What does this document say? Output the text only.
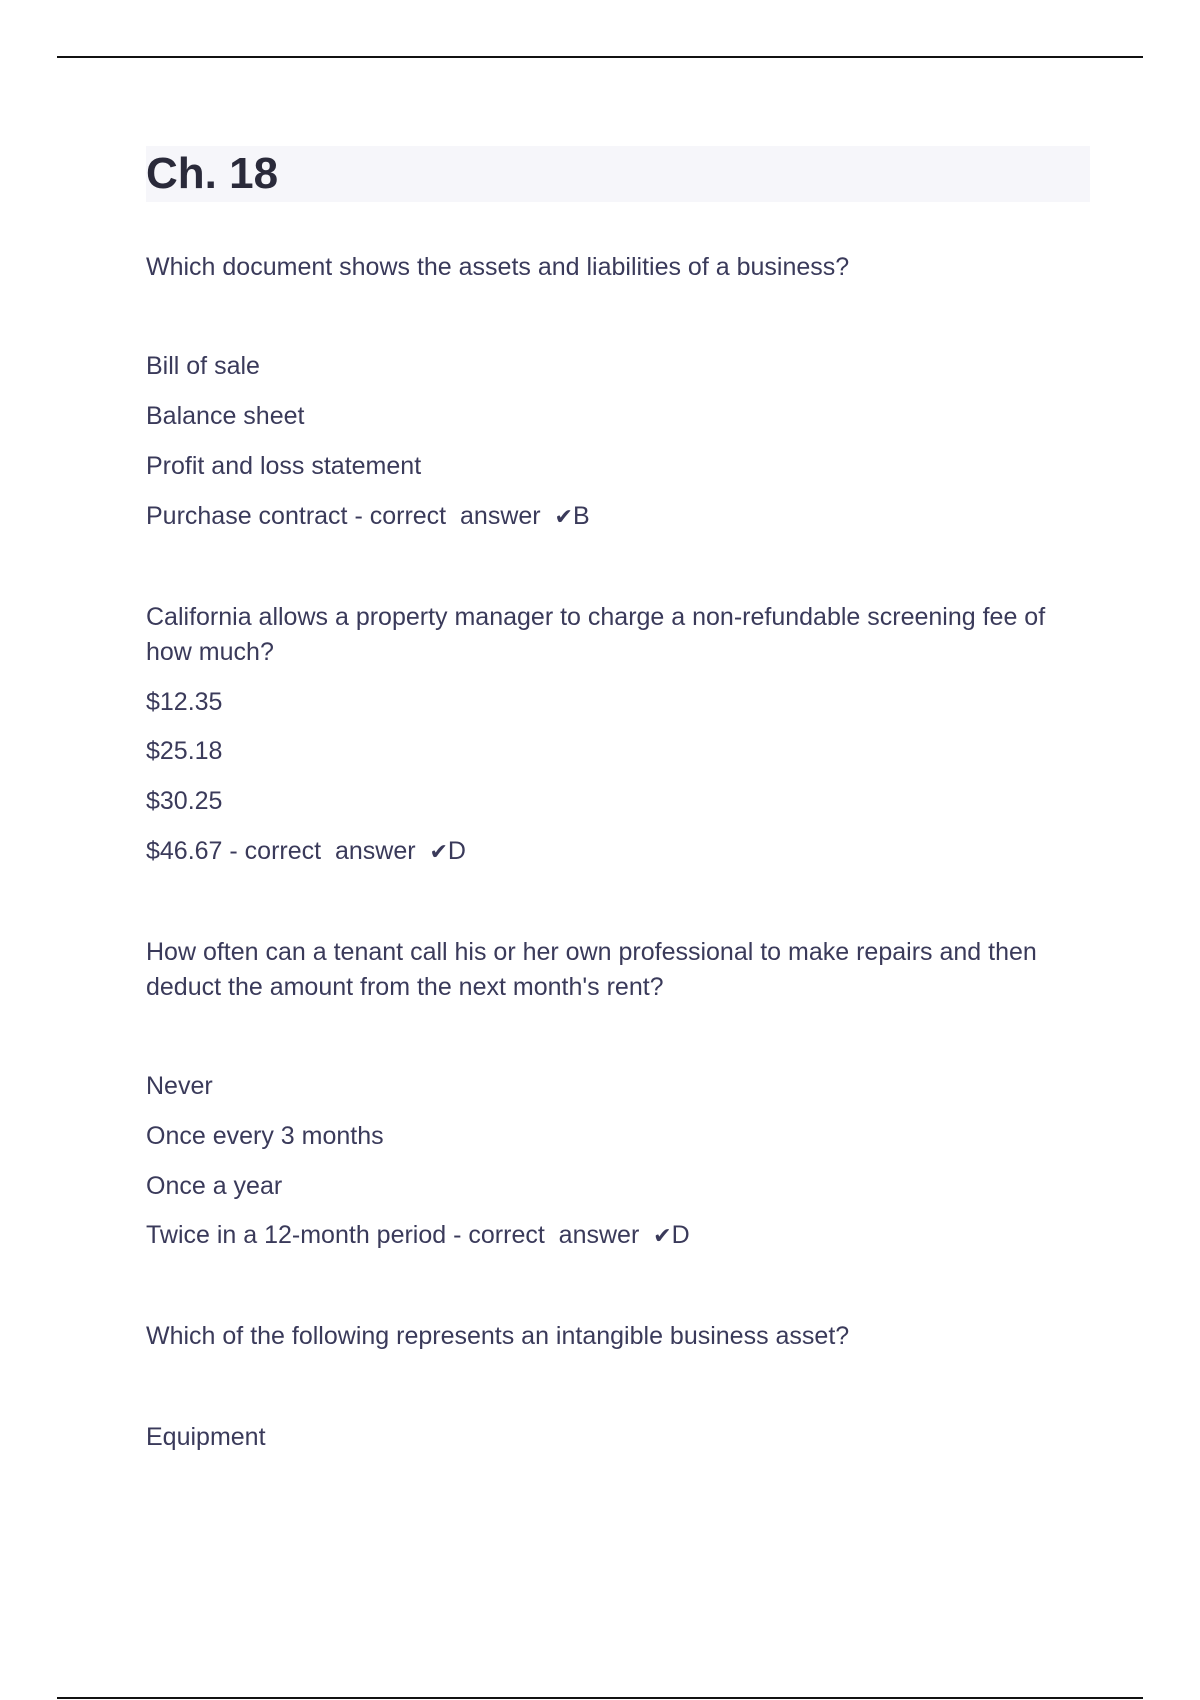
Ch. 18

Which document shows the assets and liabilities of a business?

Bill of sale

Balance sheet

Profit and loss statement

Purchase contract - correct  answer  ✔B

California allows a property manager to charge a non-refundable screening fee of how much?

$12.35

$25.18

$30.25

$46.67 - correct  answer  ✔D

How often can a tenant call his or her own professional to make repairs and then deduct the amount from the next month's rent?

Never

Once every 3 months

Once a year

Twice in a 12-month period - correct  answer  ✔D

Which of the following represents an intangible business asset?

Equipment
